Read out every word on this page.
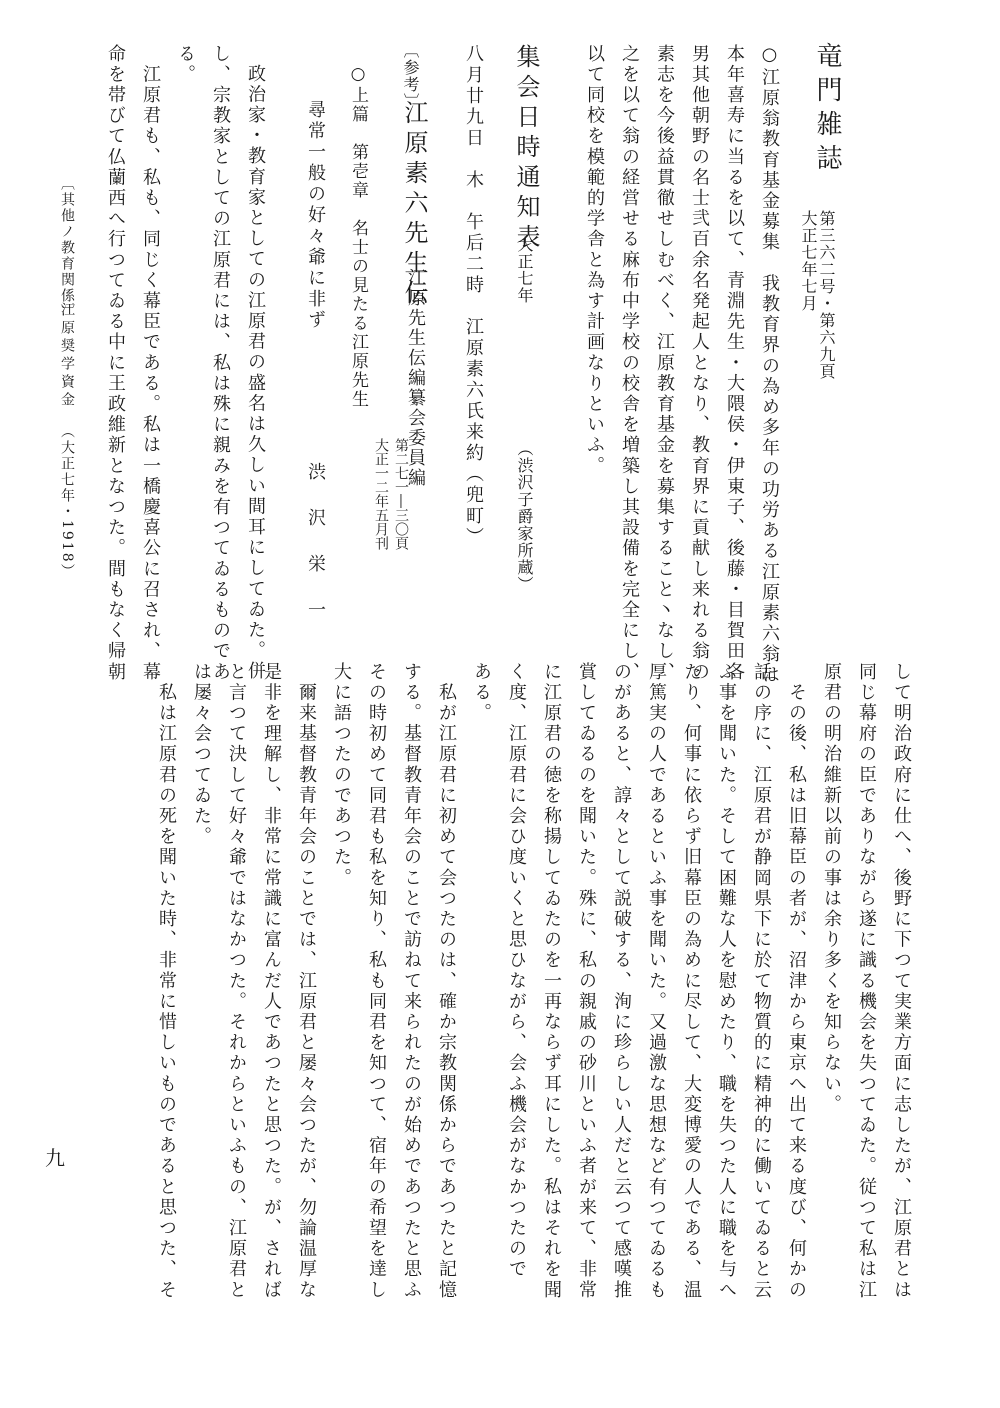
竜門雑誌
第三六二号・第六九頁
大正七年七月
○江原翁教育基金募集　我教育界の為め多年の功労ある江原素六翁は
本年喜寿に当るを以て、青淵先生・大隈侯・伊東子、後藤・目賀田各
男其他朝野の名士弐百余名発起人となり、教育界に貢献し来れる翁の
素志を今後益貫徹せしむべく、江原教育基金を募集すること丶なし、
之を以て翁の経営せる麻布中学校の校舎を増築し其設備を完全にし、
以て同校を模範的学舎と為す計画なりといふ。
集会日時通知表
大正七年
（渋沢子爵家所蔵）
八月廿九日　木　午后二時　江原素六氏来約（兜町）
〔参考〕
江原素六先生伝
江原先生伝編纂会委員編
第二七一―三〇頁
大正一二年五月刊
○上篇　第壱章　名士の見たる江原先生
尋常一般の好々爺に非ず
渋　沢　栄　一
政治家・教育家としての江原君の盛名は久しい間耳にしてゐた。併
し、宗教家としての江原君には、私は殊に親みを有つてゐるものであ
る。
　江原君も、私も、同じく幕臣である。私は一橋慶喜公に召され、幕
命を帯びて仏蘭西へ行つてゐる中に王政維新となつた。間もなく帰朝
〔其他ノ教育関係〕
江原奨学資金
（大正七年・1918）
して明治政府に仕へ、後野に下つて実業方面に志したが、江原君とは
同じ幕府の臣でありながら遂に識る機会を失つてゐた。従つて私は江
原君の明治維新以前の事は余り多くを知らない。
　その後、私は旧幕臣の者が、沼津から東京へ出て来る度び、何かの
話の序に、江原君が静岡県下に於て物質的に精神的に働いてゐると云
ふ事を聞いた。そして困難な人を慰めたり、職を失つた人に職を与へ
たり、何事に依らず旧幕臣の為めに尽して、大変博愛の人である、温
厚篤実の人であるといふ事を聞いた。又過激な思想など有つてゐるも
のがあると、諄々として説破する、洵に珍らしい人だと云つて感嘆推
賞してゐるのを聞いた。殊に、私の親戚の砂川といふ者が来て、非常
に江原君の徳を称揚してゐたのを一再ならず耳にした。私はそれを聞
く度、江原君に会ひ度いくと思ひながら、会ふ機会がなかつたので
ある。
　私が江原君に初めて会つたのは、確か宗教関係からであつたと記憶
する。基督教青年会のことで訪ねて来られたのが始めであつたと思ふ
その時初めて同君も私を知り、私も同君を知つて、宿年の希望を達し
大に語つたのであつた。
　爾来基督教青年会のことでは、江原君と屡々会つたが、勿論温厚な
是非を理解し、非常に常識に富んだ人であつたと思つた。が、されば
と言つて決して好々爺ではなかつた。それからといふもの、江原君と
は屡々会つてゐた。
　私は江原君の死を聞いた時、非常に惜しいものであると思つた、そ
九
